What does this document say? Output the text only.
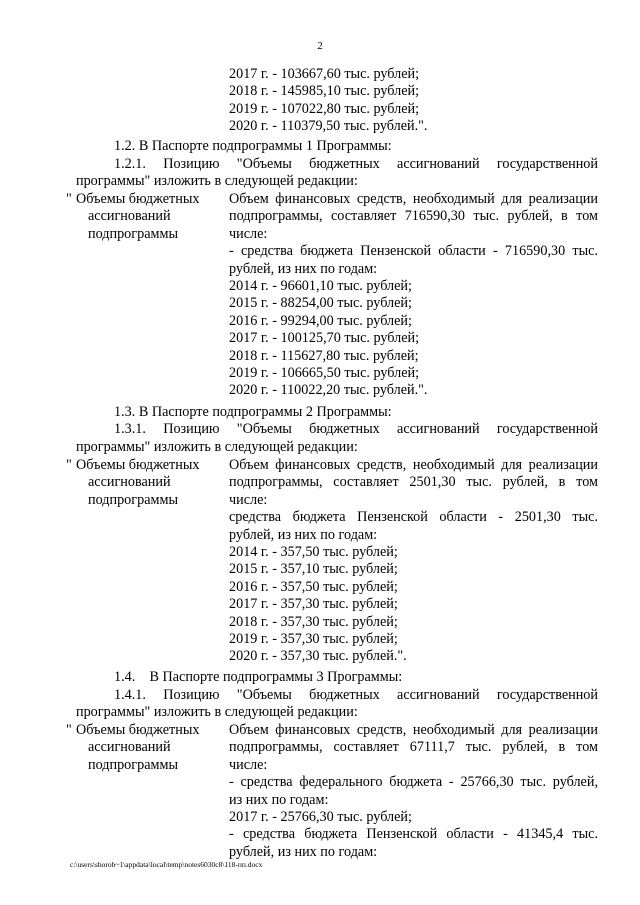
2
2017 г. - 103667,60 тыс. рублей;
2018 г. - 145985,10 тыс. рублей;
2019 г. - 107022,80 тыс. рублей;
2020 г. - 110379,50 тыс. рублей.".
1.2. В Паспорте подпрограммы 1 Программы:
1.2.1. Позицию "Объемы бюджетных ассигнований государственной
программы" изложить в следующей редакции:
" Объемы бюджетных
ассигнований
подпрограммы
Объем финансовых средств, необходимый для реализации
подпрограммы, составляет 716590,30 тыс. рублей, в том
числе:
- средства бюджета Пензенской области - 716590,30 тыс.
рублей, из них по годам:
2014 г. - 96601,10 тыс. рублей;
2015 г. - 88254,00 тыс. рублей;
2016 г. - 99294,00 тыс. рублей;
2017 г. - 100125,70 тыс. рублей;
2018 г. - 115627,80 тыс. рублей;
2019 г. - 106665,50 тыс. рублей;
2020 г. - 110022,20 тыс. рублей.".
1.3. В Паспорте подпрограммы 2 Программы:
1.3.1. Позицию "Объемы бюджетных ассигнований государственной
программы" изложить в следующей редакции:
" Объемы бюджетных
ассигнований
подпрограммы
Объем финансовых средств, необходимый для реализации
подпрограммы, составляет 2501,30 тыс. рублей, в том
числе:
средства бюджета Пензенской области - 2501,30 тыс.
рублей, из них по годам:
2014 г. - 357,50 тыс. рублей;
2015 г. - 357,10 тыс. рублей;
2016 г. - 357,50 тыс. рублей;
2017 г. - 357,30 тыс. рублей;
2018 г. - 357,30 тыс. рублей;
2019 г. - 357,30 тыс. рублей;
2020 г. - 357,30 тыс. рублей.".
1.4.    В Паспорте подпрограммы 3 Программы:
1.4.1. Позицию "Объемы бюджетных ассигнований государственной
программы" изложить в следующей редакции:
" Объемы бюджетных
ассигнований
подпрограммы
Объем финансовых средств, необходимый для реализации
подпрограммы, составляет 67111,7 тыс. рублей, в том
числе:
- средства федерального бюджета - 25766,30 тыс. рублей,
из них по годам:
2017 г. - 25766,30 тыс. рублей;
- средства бюджета Пензенской области - 41345,4 тыс.
рублей, из них по годам:
c:\users\shorob~1\appdata\local\temp\notes6030c8\118-пп.docx
